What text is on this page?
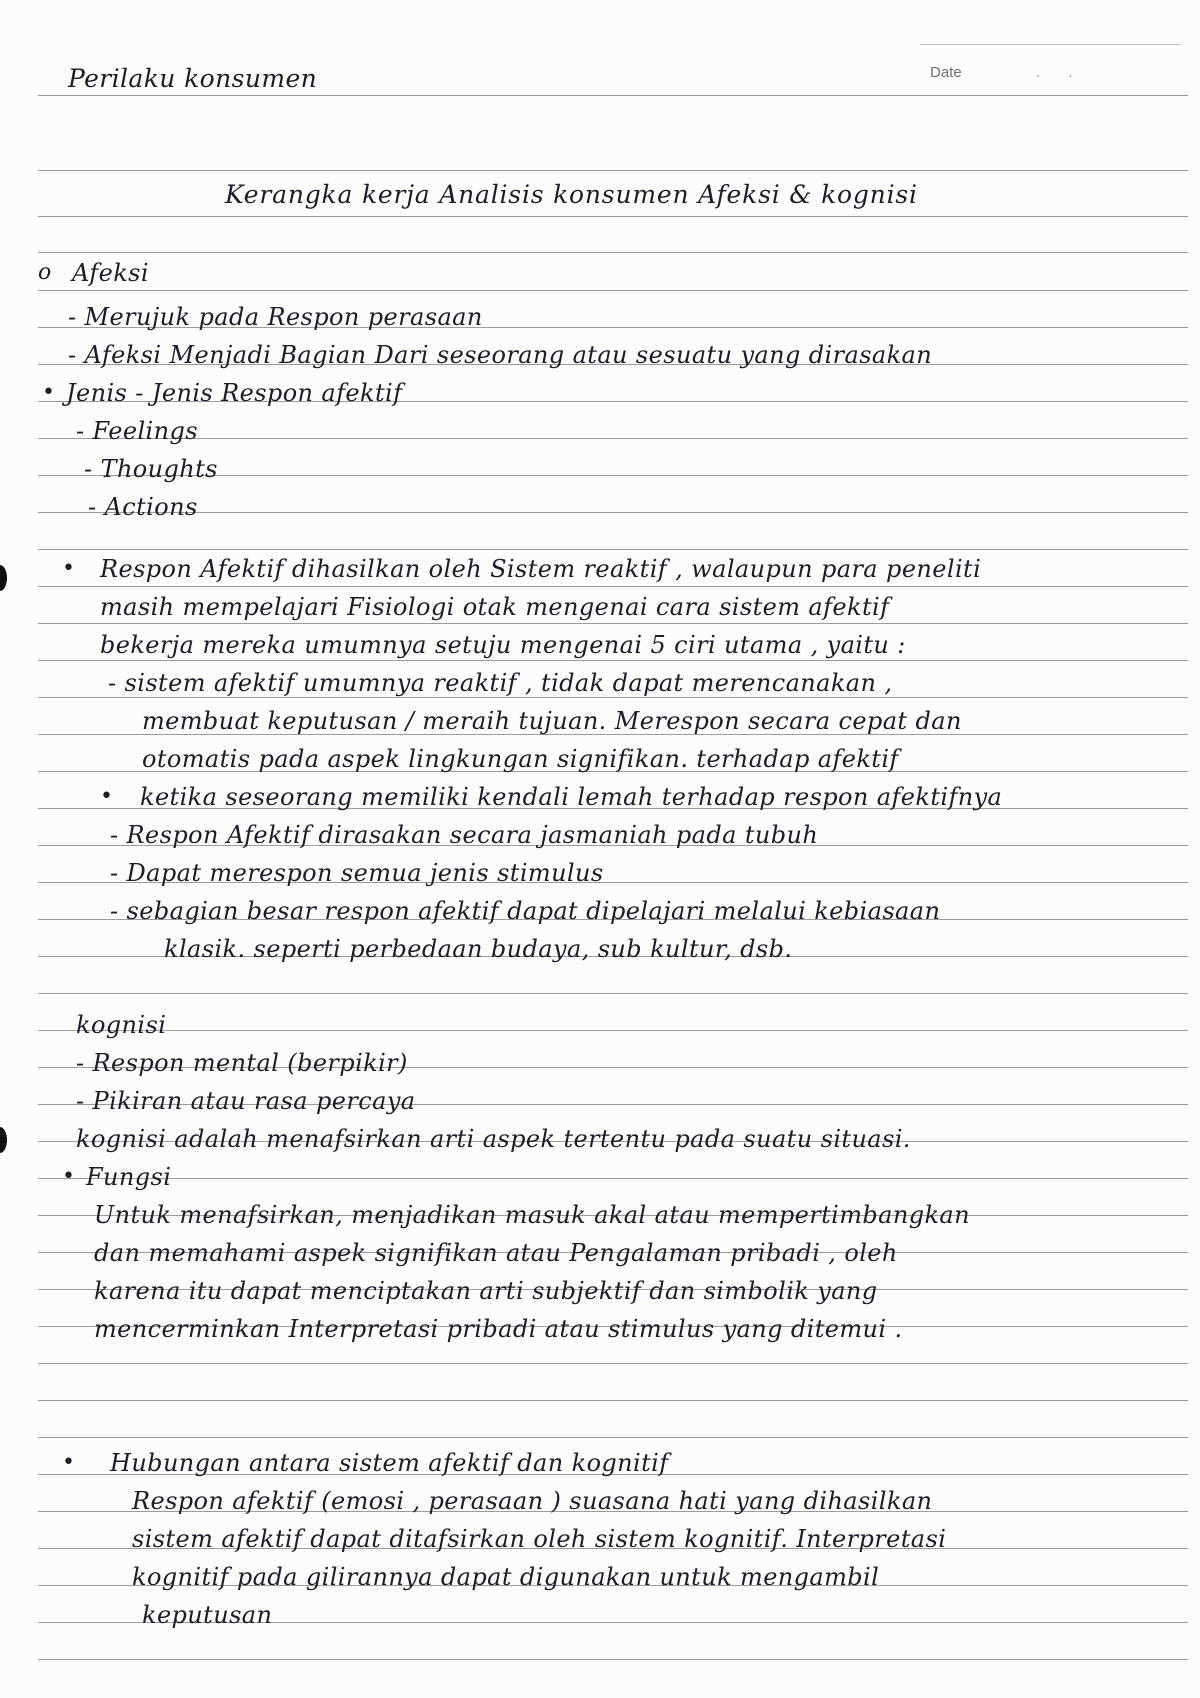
Perilaku konsumen	Date	. .
Kerangka kerja Analisis konsumen Afeksi & kognisi
o Afeksi
- Merujuk pada Respon perasaan
- Afeksi Menjadi Bagian Dari seseorang atau sesuatu yang dirasakan
• Jenis - Jenis Respon afektif
- Feelings
- Thoughts
- Actions
• Respon Afektif dihasilkan oleh Sistem reaktif , walaupun para peneliti
masih mempelajari Fisiologi otak mengenai cara sistem afektif
bekerja mereka umumnya setuju mengenai 5 ciri utama , yaitu :
- sistem afektif umumnya reaktif , tidak dapat merencanakan ,
membuat keputusan / meraih tujuan. Merespon secara cepat dan
otomatis pada aspek lingkungan signifikan. terhadap afektif
• ketika seseorang memiliki kendali lemah terhadap respon afektifnya
- Respon Afektif dirasakan secara jasmaniah pada tubuh
- Dapat merespon semua jenis stimulus
- sebagian besar respon afektif dapat dipelajari melalui kebiasaan
klasik. seperti perbedaan budaya, sub kultur, dsb.
kognisi
- Respon mental (berpikir)
- Pikiran atau rasa percaya
kognisi adalah menafsirkan arti aspek tertentu pada suatu situasi.
• Fungsi
Untuk menafsirkan, menjadikan masuk akal atau mempertimbangkan
dan memahami aspek signifikan atau Pengalaman pribadi , oleh
karena itu dapat menciptakan arti subjektif dan simbolik yang
mencerminkan Interpretasi pribadi atau stimulus yang ditemui .
• Hubungan antara sistem afektif dan kognitif
Respon afektif (emosi , perasaan ) suasana hati yang dihasilkan
sistem afektif dapat ditafsirkan oleh sistem kognitif. Interpretasi
kognitif pada gilirannya dapat digunakan untuk mengambil
keputusan
